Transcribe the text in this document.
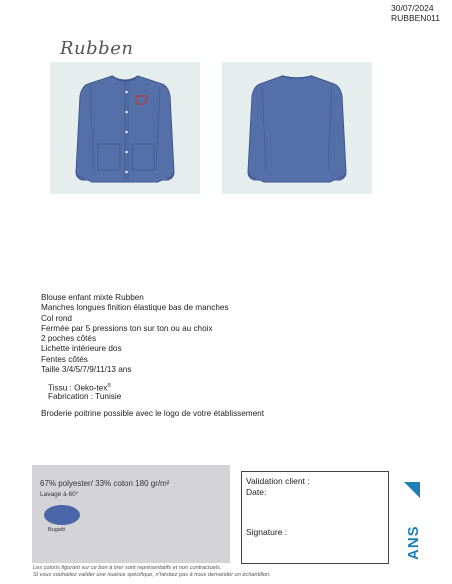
30/07/2024
RUBBEN011
Rubben
Blouse enfant mixte Rubben
Manches longues finition élastique bas de manches
Col rond
Fermée par 5 pressions ton sur ton ou au choix
2 poches côtés
Lichette intérieure dos
Fentes côtés
Taille 3/4/5/7/9/11/13 ans
Tissu : Oeko-tex®
Fabrication : Tunisie
Broderie poitrine possible avec le logo de votre établissement
67% polyester/ 33% coton 180 gr/m²
Lavage à 60°
Bugatti
Validation client :
Date:
Signature :	ANS
Les coloris figurant sur ce bon à tirer sont représentatifs et non contractuels.
Si vous souhaitez valider une nuance spécifique, n'hésitez pas à nous demander un échantillon.
